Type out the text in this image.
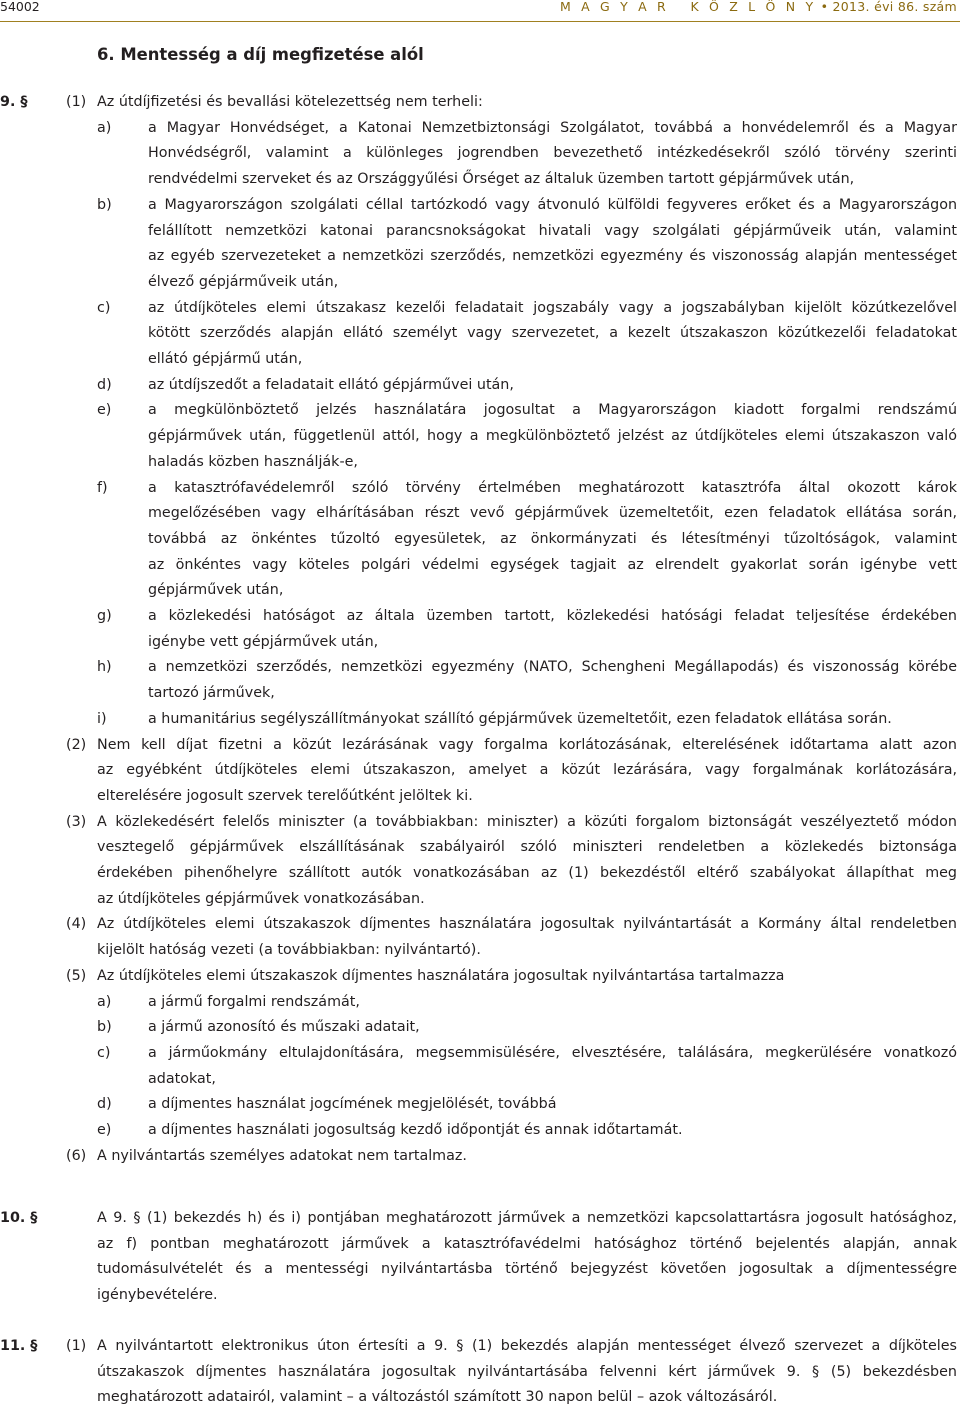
54002	M A G Y A R   K Ö Z L Ö N Y • 2013. évi 86. szám
6. Mentesség a díj megfizetése alól
9. §	(1) Az útdíjfizetési és bevallási kötelezettség nem terheli:
a)	a Magyar Honvédséget, a Katonai Nemzetbiztonsági Szolgálatot, továbbá a honvédelemről és a Magyar
Honvédségről, valamint a különleges jogrendben bevezethető intézkedésekről szóló törvény szerinti
rendvédelmi szerveket és az Országgyűlési Őrséget az általuk üzemben tartott gépjárművek után,
b)	a Magyarországon szolgálati céllal tartózkodó vagy átvonuló külföldi fegyveres erőket és a Magyarországon
felállított nemzetközi katonai parancsnokságokat hivatali vagy szolgálati gépjárműveik után, valamint
az egyéb szervezeteket a nemzetközi szerződés, nemzetközi egyezmény és viszonosság alapján mentességet
élvező gépjárműveik után,
c)	az útdíjköteles elemi útszakasz kezelői feladatait jogszabály vagy a jogszabályban kijelölt közútkezelővel
kötött szerződés alapján ellátó személyt vagy szervezetet, a kezelt útszakaszon közútkezelői feladatokat
ellátó gépjármű után,
d)	az útdíjszedőt a feladatait ellátó gépjárművei után,
e)	a megkülönböztető jelzés használatára jogosultat a Magyarországon kiadott forgalmi rendszámú
gépjárművek után, függetlenül attól, hogy a megkülönböztető jelzést az útdíjköteles elemi útszakaszon való
haladás közben használják-e,
f)	a katasztrófavédelemről szóló törvény értelmében meghatározott katasztrófa által okozott károk
megelőzésében vagy elhárításában részt vevő gépjárművek üzemeltetőit, ezen feladatok ellátása során,
továbbá az önkéntes tűzoltó egyesületek, az önkormányzati és létesítményi tűzoltóságok, valamint
az önkéntes vagy köteles polgári védelmi egységek tagjait az elrendelt gyakorlat során igénybe vett
gépjárművek után,
g)	a közlekedési hatóságot az általa üzemben tartott, közlekedési hatósági feladat teljesítése érdekében
igénybe vett gépjárművek után,
h)	a nemzetközi szerződés, nemzetközi egyezmény (NATO, Schengheni Megállapodás) és viszonosság körébe
tartozó járművek,
i)	a humanitárius segélyszállítmányokat szállító gépjárművek üzemeltetőit, ezen feladatok ellátása során.
(2) Nem kell díjat fizetni a közút lezárásának vagy forgalma korlátozásának, elterelésének időtartama alatt azon
az egyébként útdíjköteles elemi útszakaszon, amelyet a közút lezárására, vagy forgalmának korlátozására,
elterelésére jogosult szervek terelőútként jelöltek ki.
(3) A közlekedésért felelős miniszter (a továbbiakban: miniszter) a közúti forgalom biztonságát veszélyeztető módon
vesztegelő gépjárművek elszállításának szabályairól szóló miniszteri rendeletben a közlekedés biztonsága
érdekében pihenőhelyre szállított autók vonatkozásában az (1) bekezdéstől eltérő szabályokat állapíthat meg
az útdíjköteles gépjárművek vonatkozásában.
(4) Az útdíjköteles elemi útszakaszok díjmentes használatára jogosultak nyilvántartását a Kormány által rendeletben
kijelölt hatóság vezeti (a továbbiakban: nyilvántartó).
(5) Az útdíjköteles elemi útszakaszok díjmentes használatára jogosultak nyilvántartása tartalmazza
a)	a jármű forgalmi rendszámát,
b)	a jármű azonosító és műszaki adatait,
c)	a járműokmány eltulajdonítására, megsemmisülésére, elvesztésére, találására, megkerülésére vonatkozó
adatokat,
d)	a díjmentes használat jogcímének megjelölését, továbbá
e)	a díjmentes használati jogosultság kezdő időpontját és annak időtartamát.
(6) A nyilvántartás személyes adatokat nem tartalmaz.
10. §	A 9. § (1) bekezdés h) és i) pontjában meghatározott járművek a nemzetközi kapcsolattartásra jogosult hatósághoz,
az f) pontban meghatározott járművek a katasztrófavédelmi hatósághoz történő bejelentés alapján, annak
tudomásulvételét és a mentességi nyilvántartásba történő bejegyzést követően jogosultak a díjmentességre
igénybevételére.
11. § (1) A nyilvántartott elektronikus úton értesíti a 9. § (1) bekezdés alapján mentességet élvező szervezet a díjköteles
útszakaszok díjmentes használatára jogosultak nyilvántartásába felvenni kért járművek 9. § (5) bekezdésben
meghatározott adatairól, valamint – a változástól számított 30 napon belül – azok változásáról.
